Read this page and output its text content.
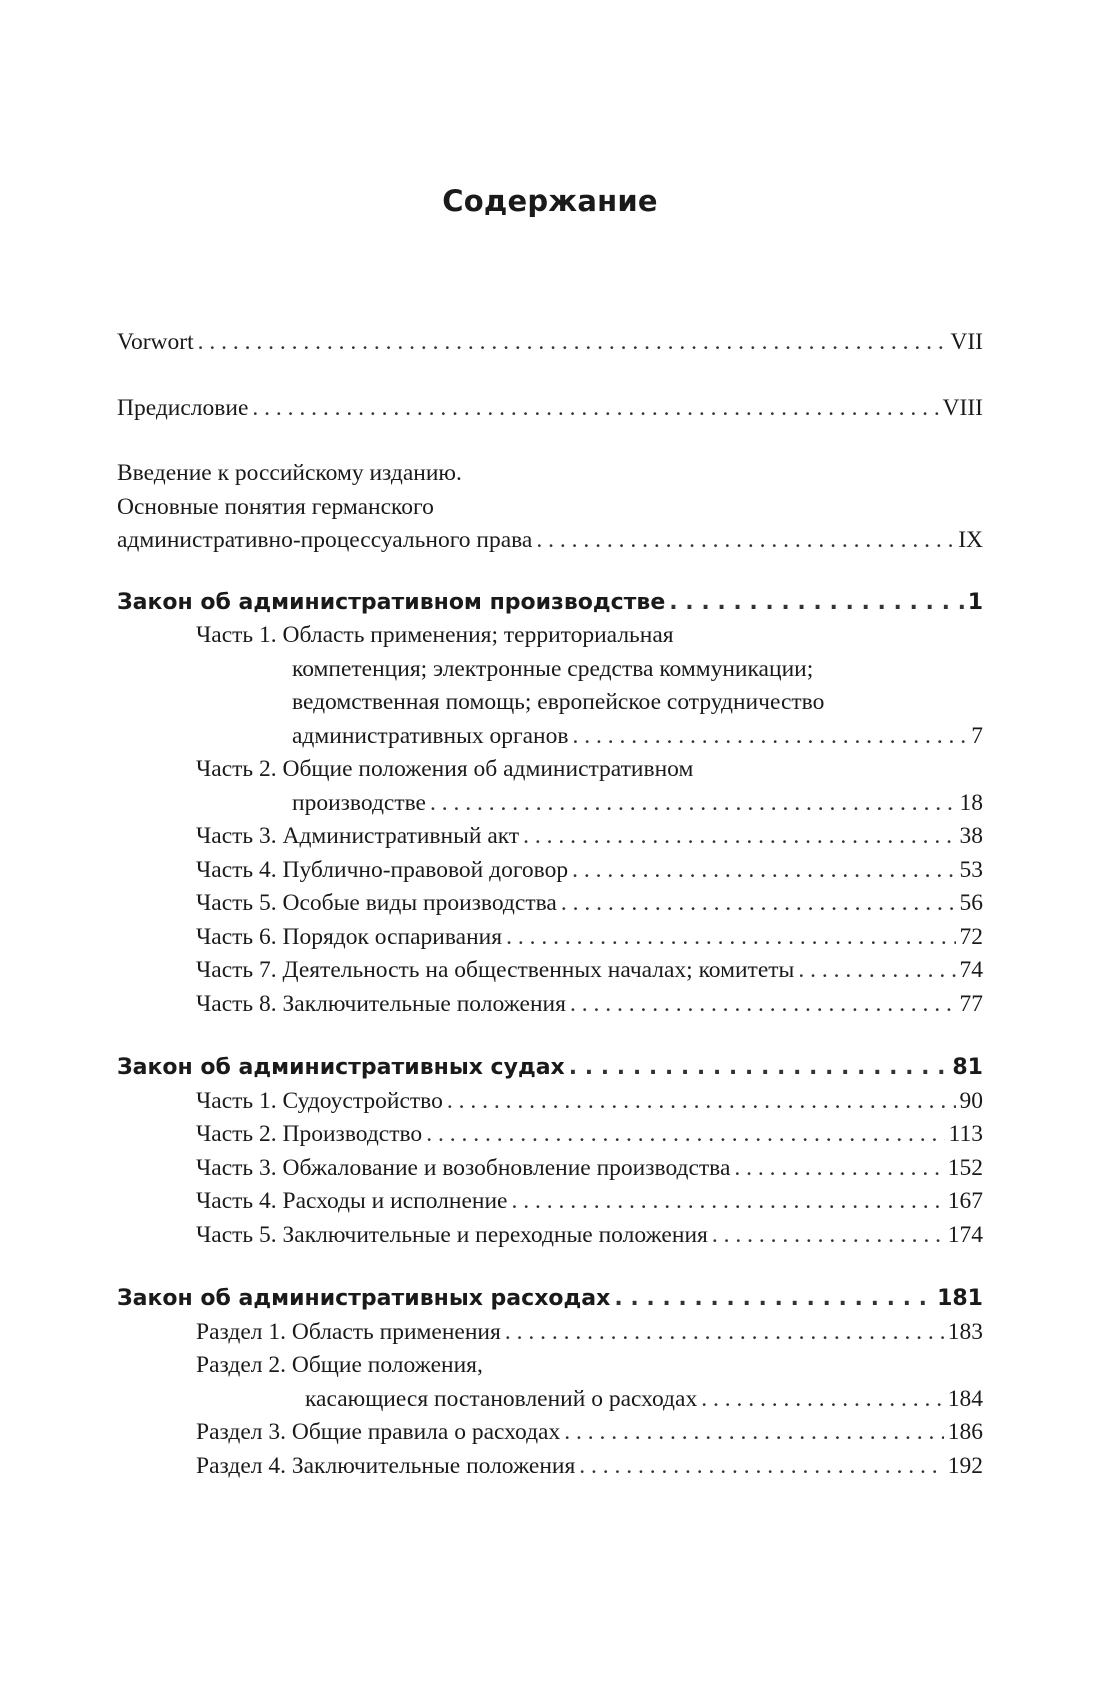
Содержание
Vorwort . . .	VII
Предисловие . . .	VIII
Введение к российскому изданию.
Основные понятия германского
административно-процессуального права . . .	IX
Закон об административном производстве . . .	1
Часть 1. Область применения; территориальная
компетенция; электронные средства коммуникации;
ведомственная помощь; европейское сотрудничество
административных органов . . .	7
Часть 2. Общие положения об административном
производстве . . .	18
Часть 3. Административный акт . . .	38
Часть 4. Публично-правовой договор . . .	53
Часть 5. Особые виды производства . . .	56
Часть 6. Порядок оспаривания . . .	72
Часть 7. Деятельность на общественных началах; комитеты . . .	74
Часть 8. Заключительные положения . . .	77
Закон об административных судах . . .	81
Часть 1. Судоустройство . . .	90
Часть 2. Производство . . .	113
Часть 3. Обжалование и возобновление производства . . .	152
Часть 4. Расходы и исполнение . . .	167
Часть 5. Заключительные и переходные положения . . .	174
Закон об административных расходах . . .	181
Раздел 1. Область применения . . .	183
Раздел 2. Общие положения,
касающиеся постановлений о расходах . . .	184
Раздел 3. Общие правила о расходах . . .	186
Раздел 4. Заключительные положения . . .	192
